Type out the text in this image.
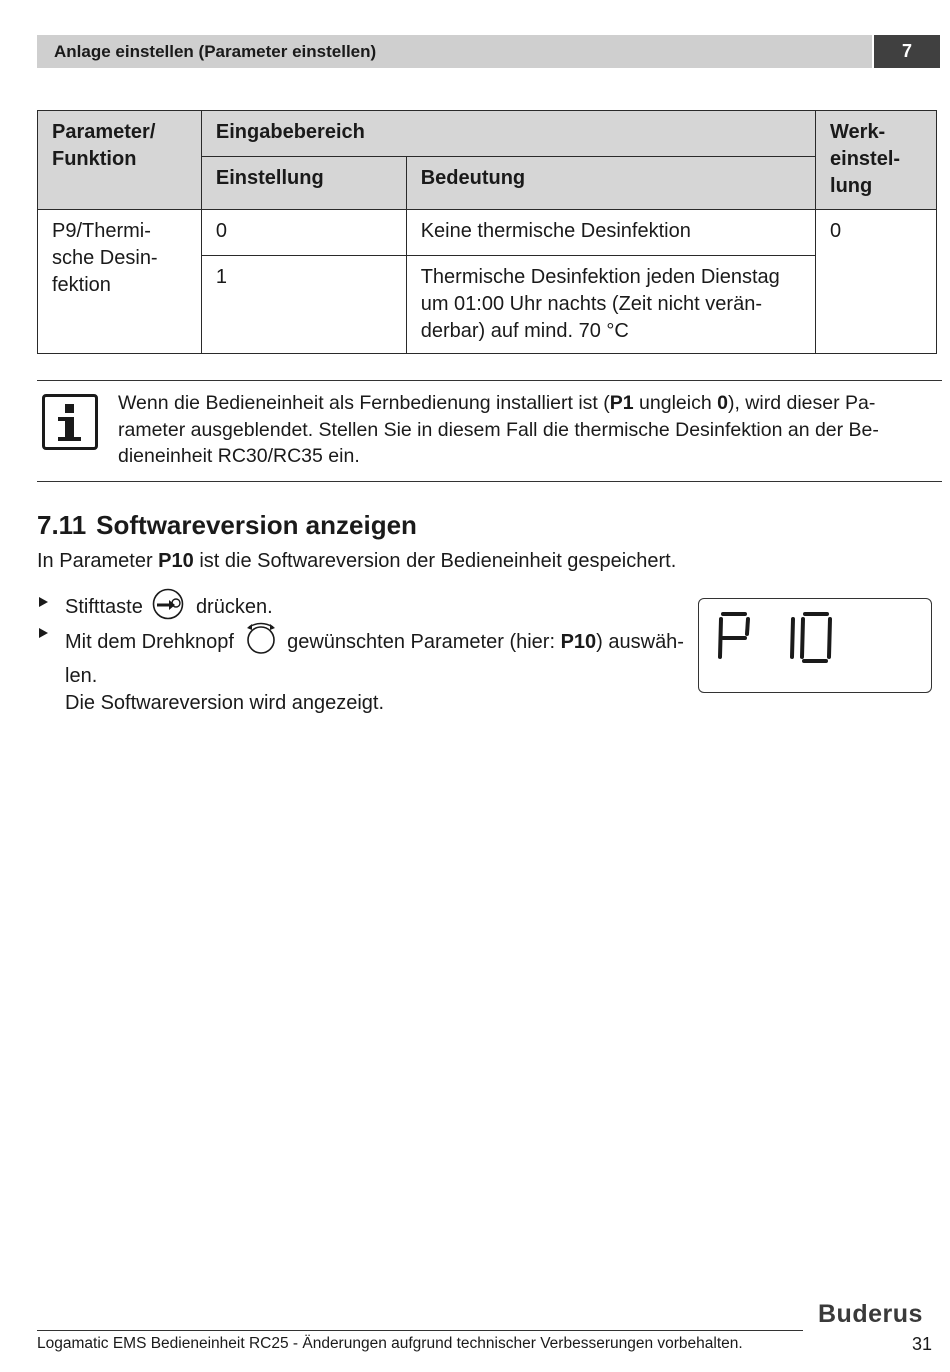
Anlage einstellen (Parameter einstellen)	7
Parameter/
Funktion	Eingabebereich		Werk-
einstel-
lung
	Einstellung	Bedeutung	
P9/Thermi-
sche Desin-
fektion	0	Keine thermische Desinfektion	0
	1	Thermische Desinfektion jeden Dienstag
um 01:00 Uhr nachts (Zeit nicht verän-
derbar) auf mind. 70 °C	
Wenn die Bedieneinheit als Fernbedienung installiert ist (P1 ungleich 0), wird dieser Pa-
rameter ausgeblendet. Stellen Sie in diesem Fall die thermische Desinfektion an der Be-
dieneinheit RC30/RC35 ein.
7.11 Softwareversion anzeigen
In Parameter P10 ist die Softwareversion der Bedieneinheit gespeichert.
Stifttaste	drücken.
Mit dem Drehknopf	gewünschten Parameter (hier: P10) auswäh-
len.
Die Softwareversion wird angezeigt.
Buderus
Logamatic EMS Bedieneinheit RC25 - Änderungen aufgrund technischer Verbesserungen vorbehalten.	31
